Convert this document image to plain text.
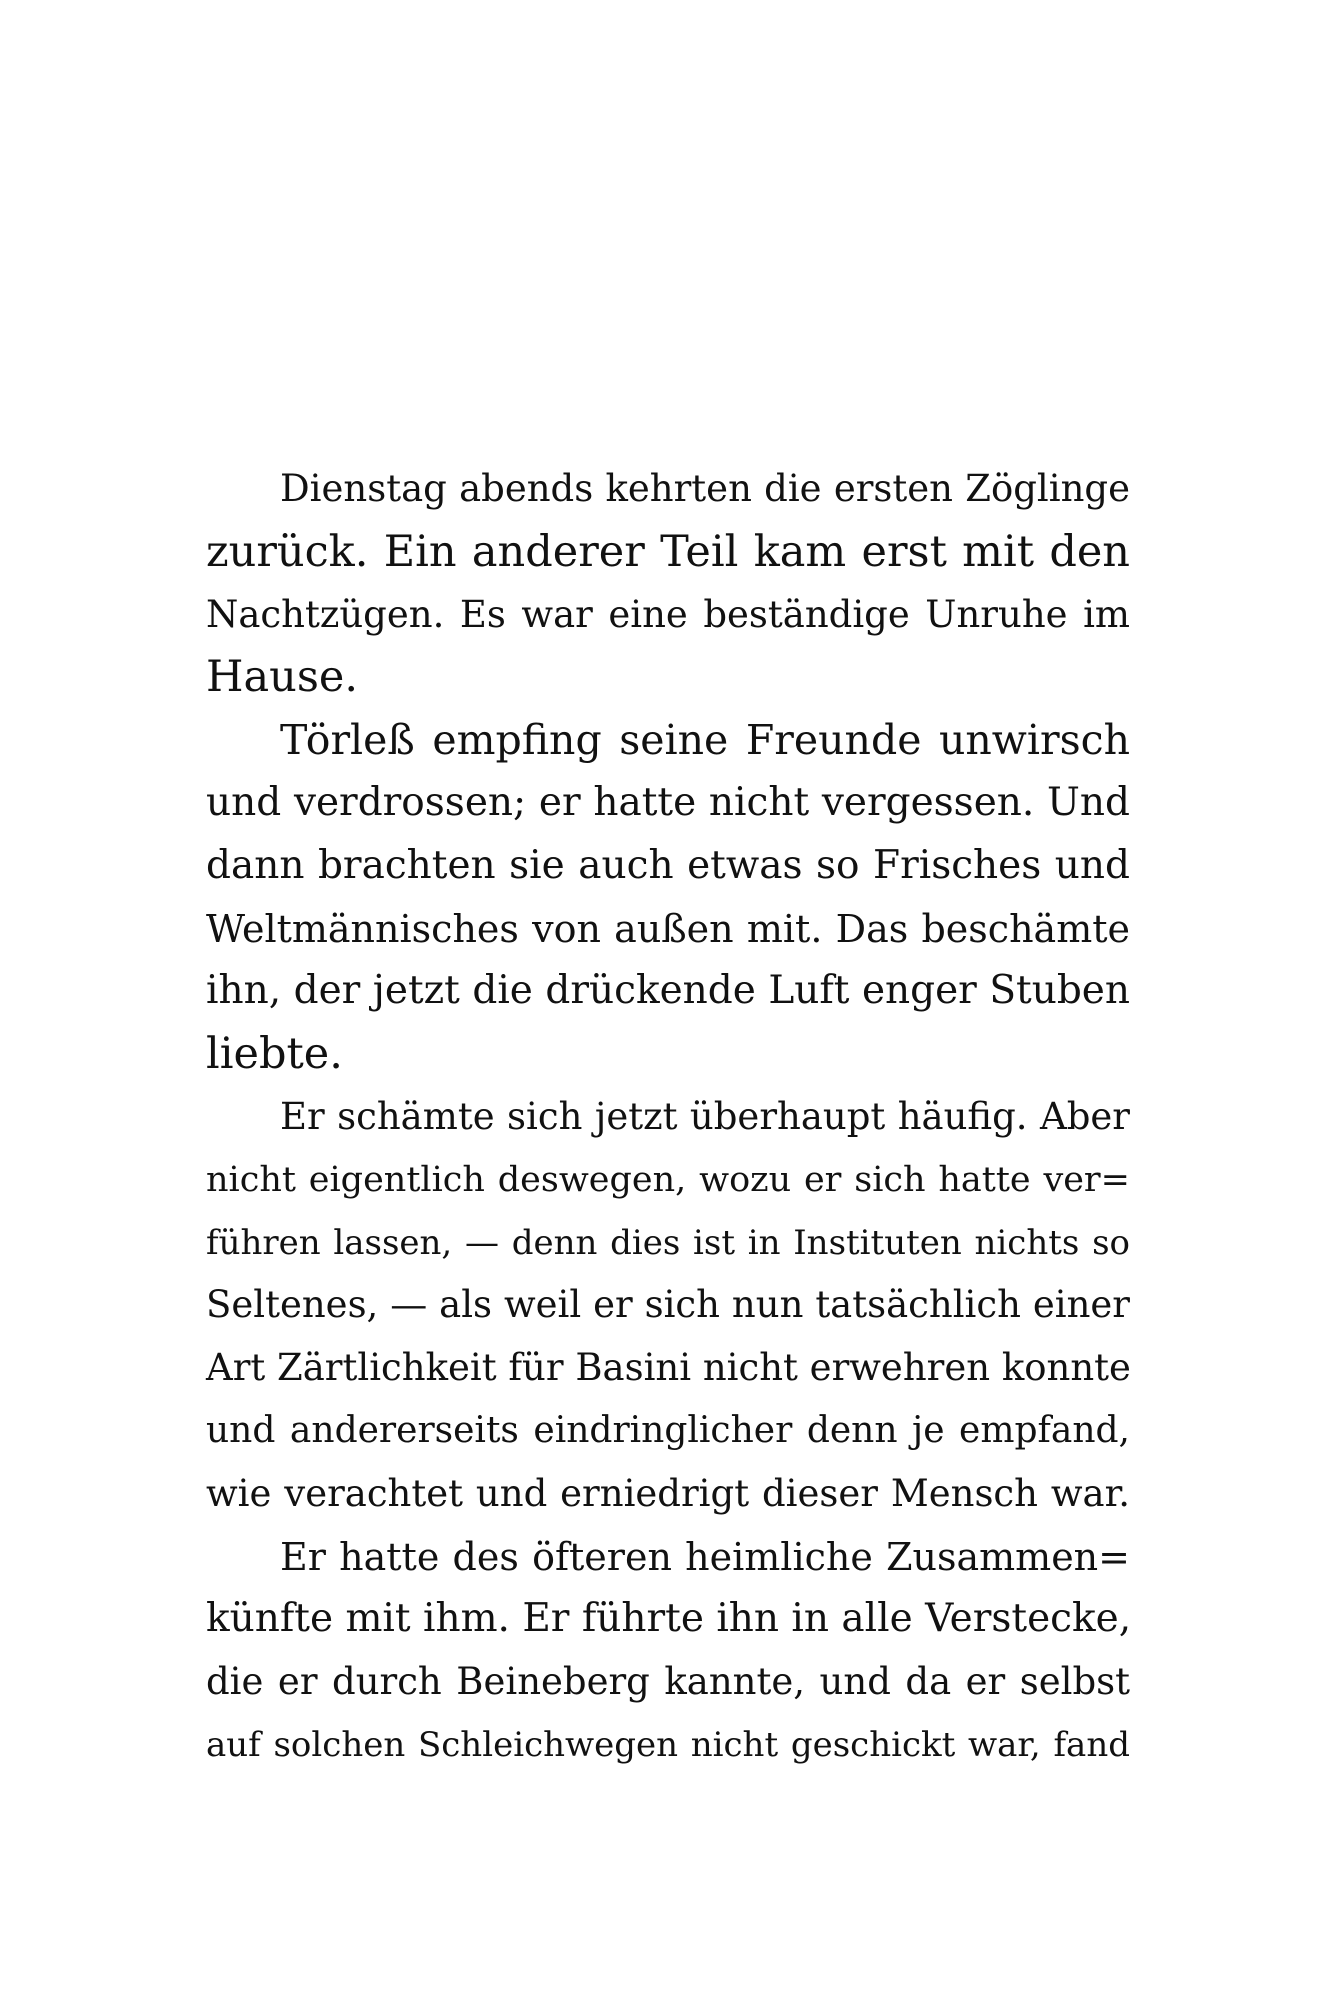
Dienstag abends kehrten die ersten Zöglinge
zurück. Ein anderer Teil kam erst mit den
Nachtzügen. Es war eine beständige Unruhe im
Hause.
Törleß empfing seine Freunde unwirsch
und verdrossen; er hatte nicht vergessen. Und
dann brachten sie auch etwas so Frisches und
Weltmännisches von außen mit. Das beschämte
ihn, der jetzt die drückende Luft enger Stuben
liebte.
Er schämte sich jetzt überhaupt häufig. Aber
nicht eigentlich deswegen, wozu er sich hatte ver=
führen lassen, — denn dies ist in Instituten nichts so
Seltenes, — als weil er sich nun tatsächlich einer
Art Zärtlichkeit für Basini nicht erwehren konnte
und andererseits eindringlicher denn je empfand,
wie verachtet und erniedrigt dieser Mensch war.
Er hatte des öfteren heimliche Zusammen=
künfte mit ihm. Er führte ihn in alle Verstecke,
die er durch Beineberg kannte, und da er selbst
auf solchen Schleichwegen nicht geschickt war, fand
